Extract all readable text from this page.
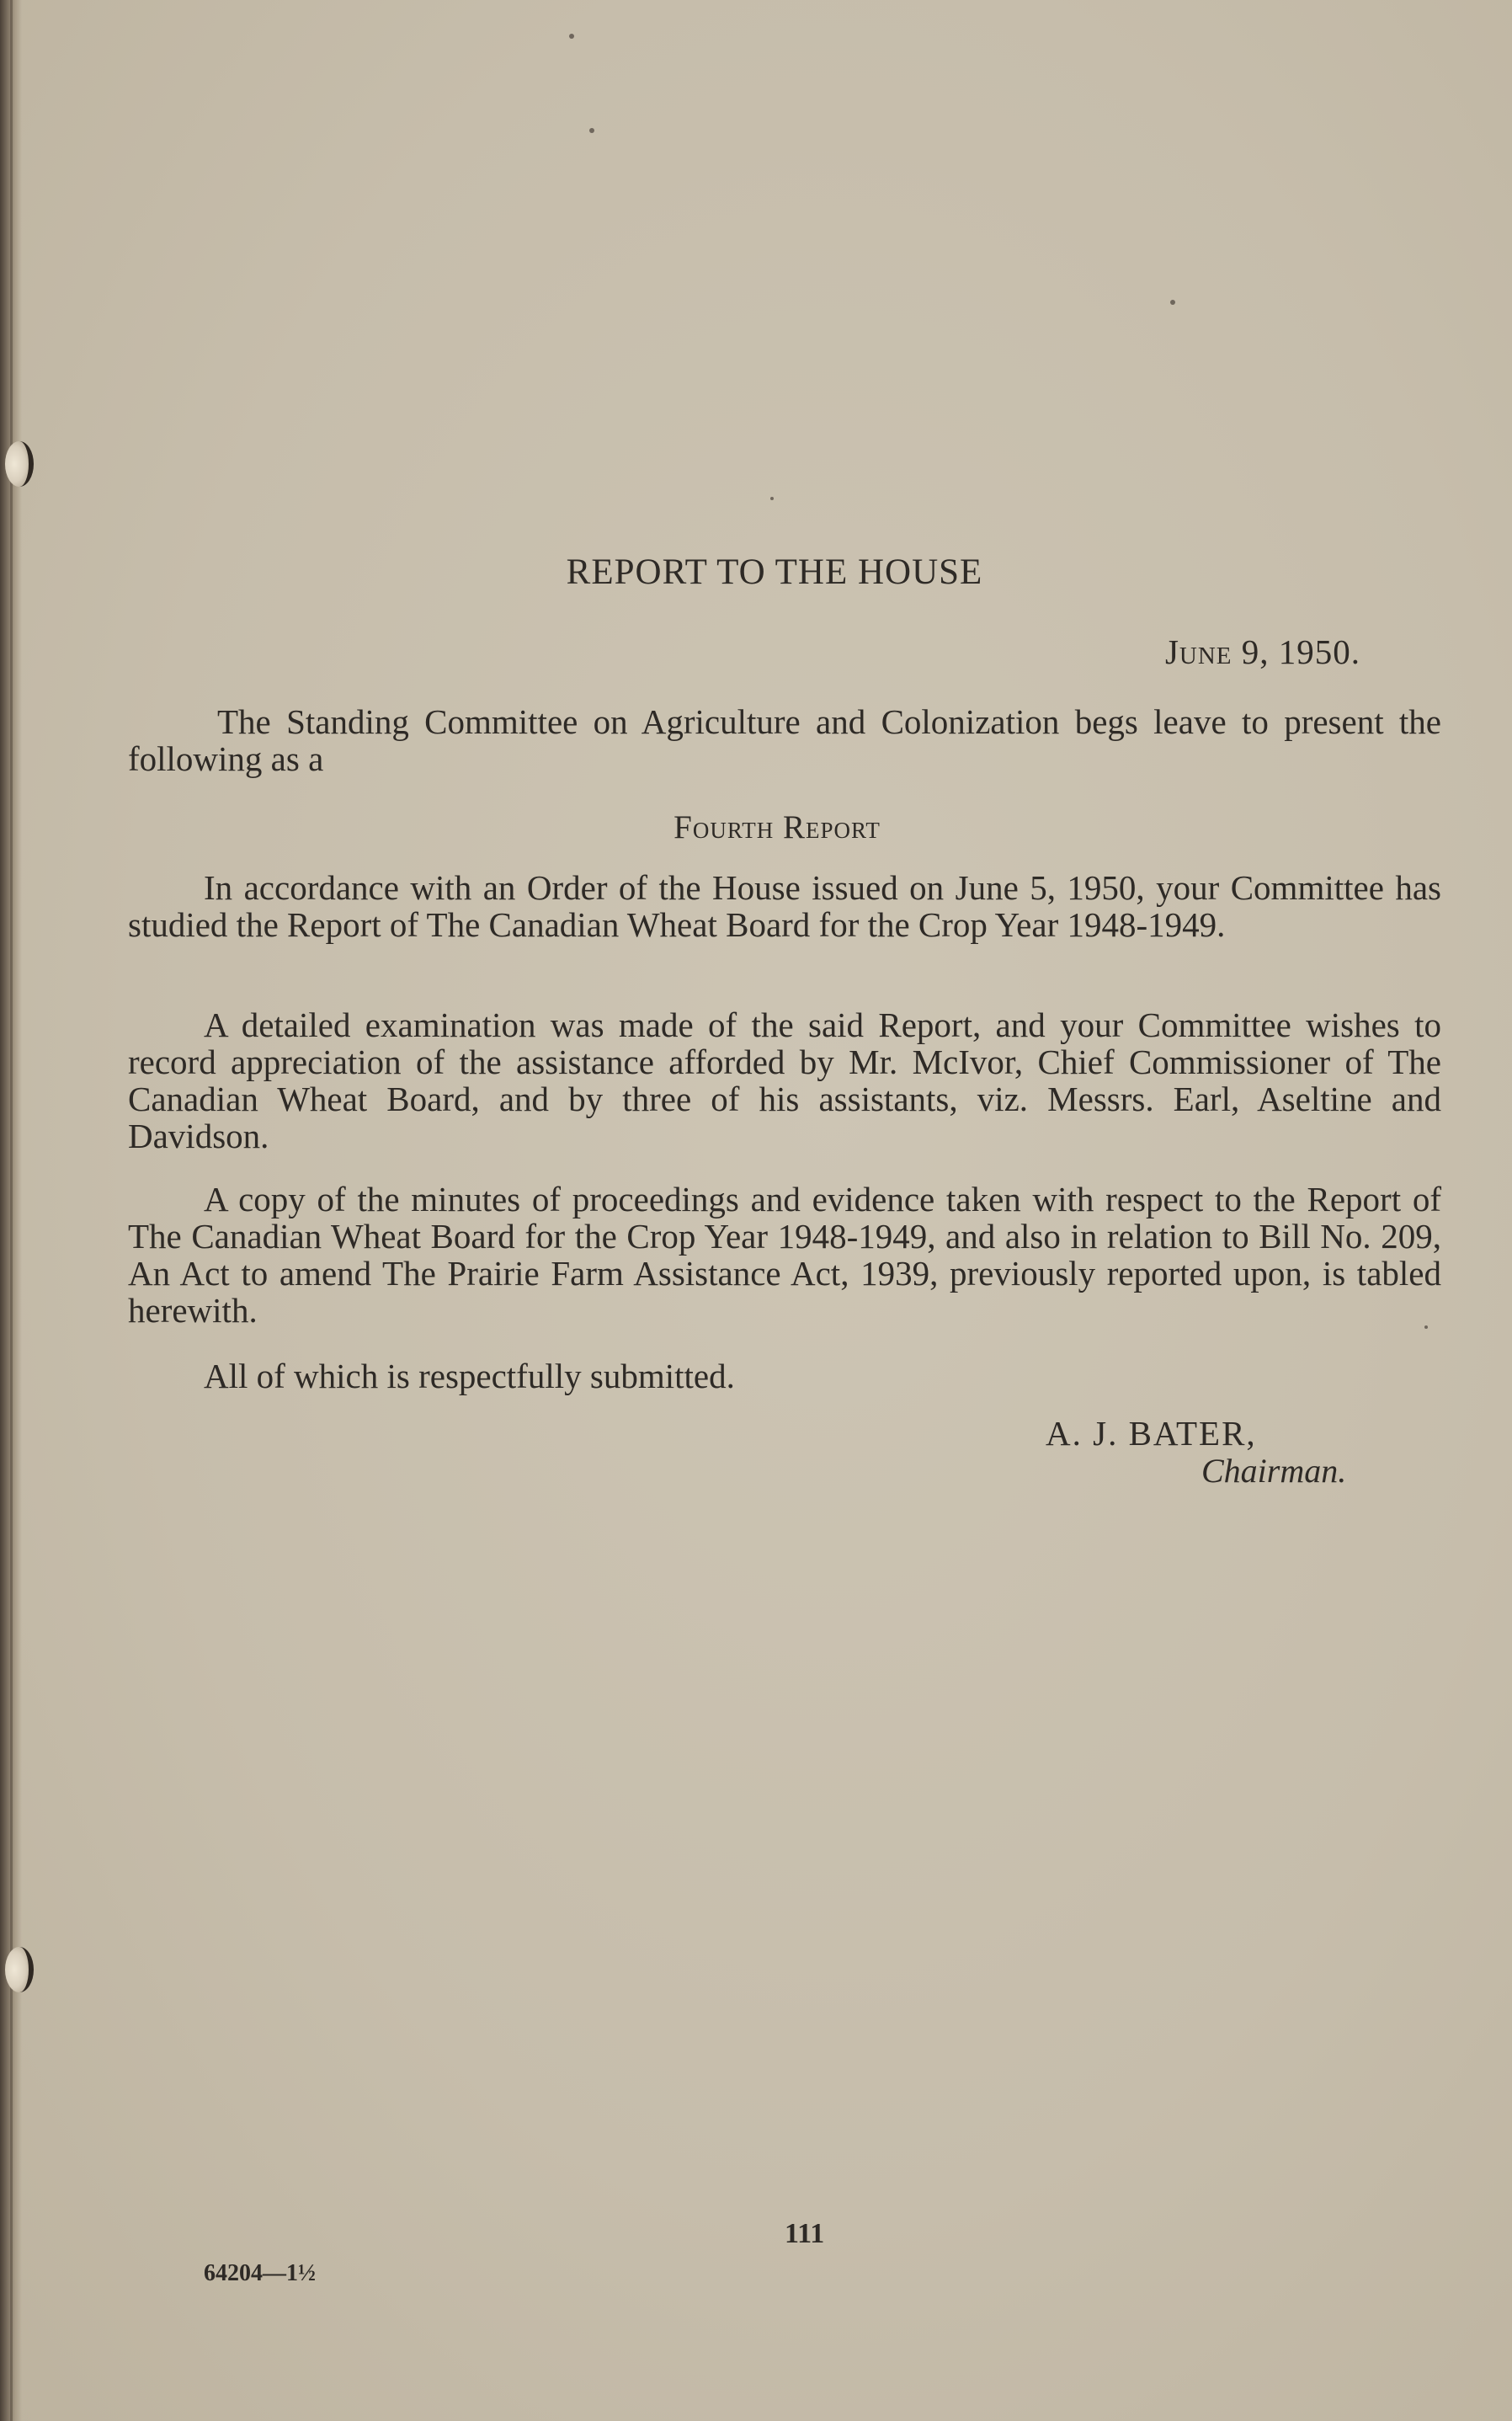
REPORT TO THE HOUSE
June 9, 1950.

The Standing Committee on Agriculture and Colonization begs leave to present the following as a

Fourth Report

In accordance with an Order of the House issued on June 5, 1950, your Committee has studied the Report of The Canadian Wheat Board for the Crop Year 1948-1949.

A detailed examination was made of the said Report, and your Committee wishes to record appreciation of the assistance afforded by Mr. McIvor, Chief Commissioner of The Canadian Wheat Board, and by three of his assistants, viz. Messrs. Earl, Aseltine and Davidson.

A copy of the minutes of proceedings and evidence taken with respect to the Report of The Canadian Wheat Board for the Crop Year 1948-1949, and also in relation to Bill No. 209, An Act to amend The Prairie Farm Assistance Act, 1939, previously reported upon, is tabled herewith.

All of which is respectfully submitted.

A. J. BATER,
Chairman.
111
64204—1½
